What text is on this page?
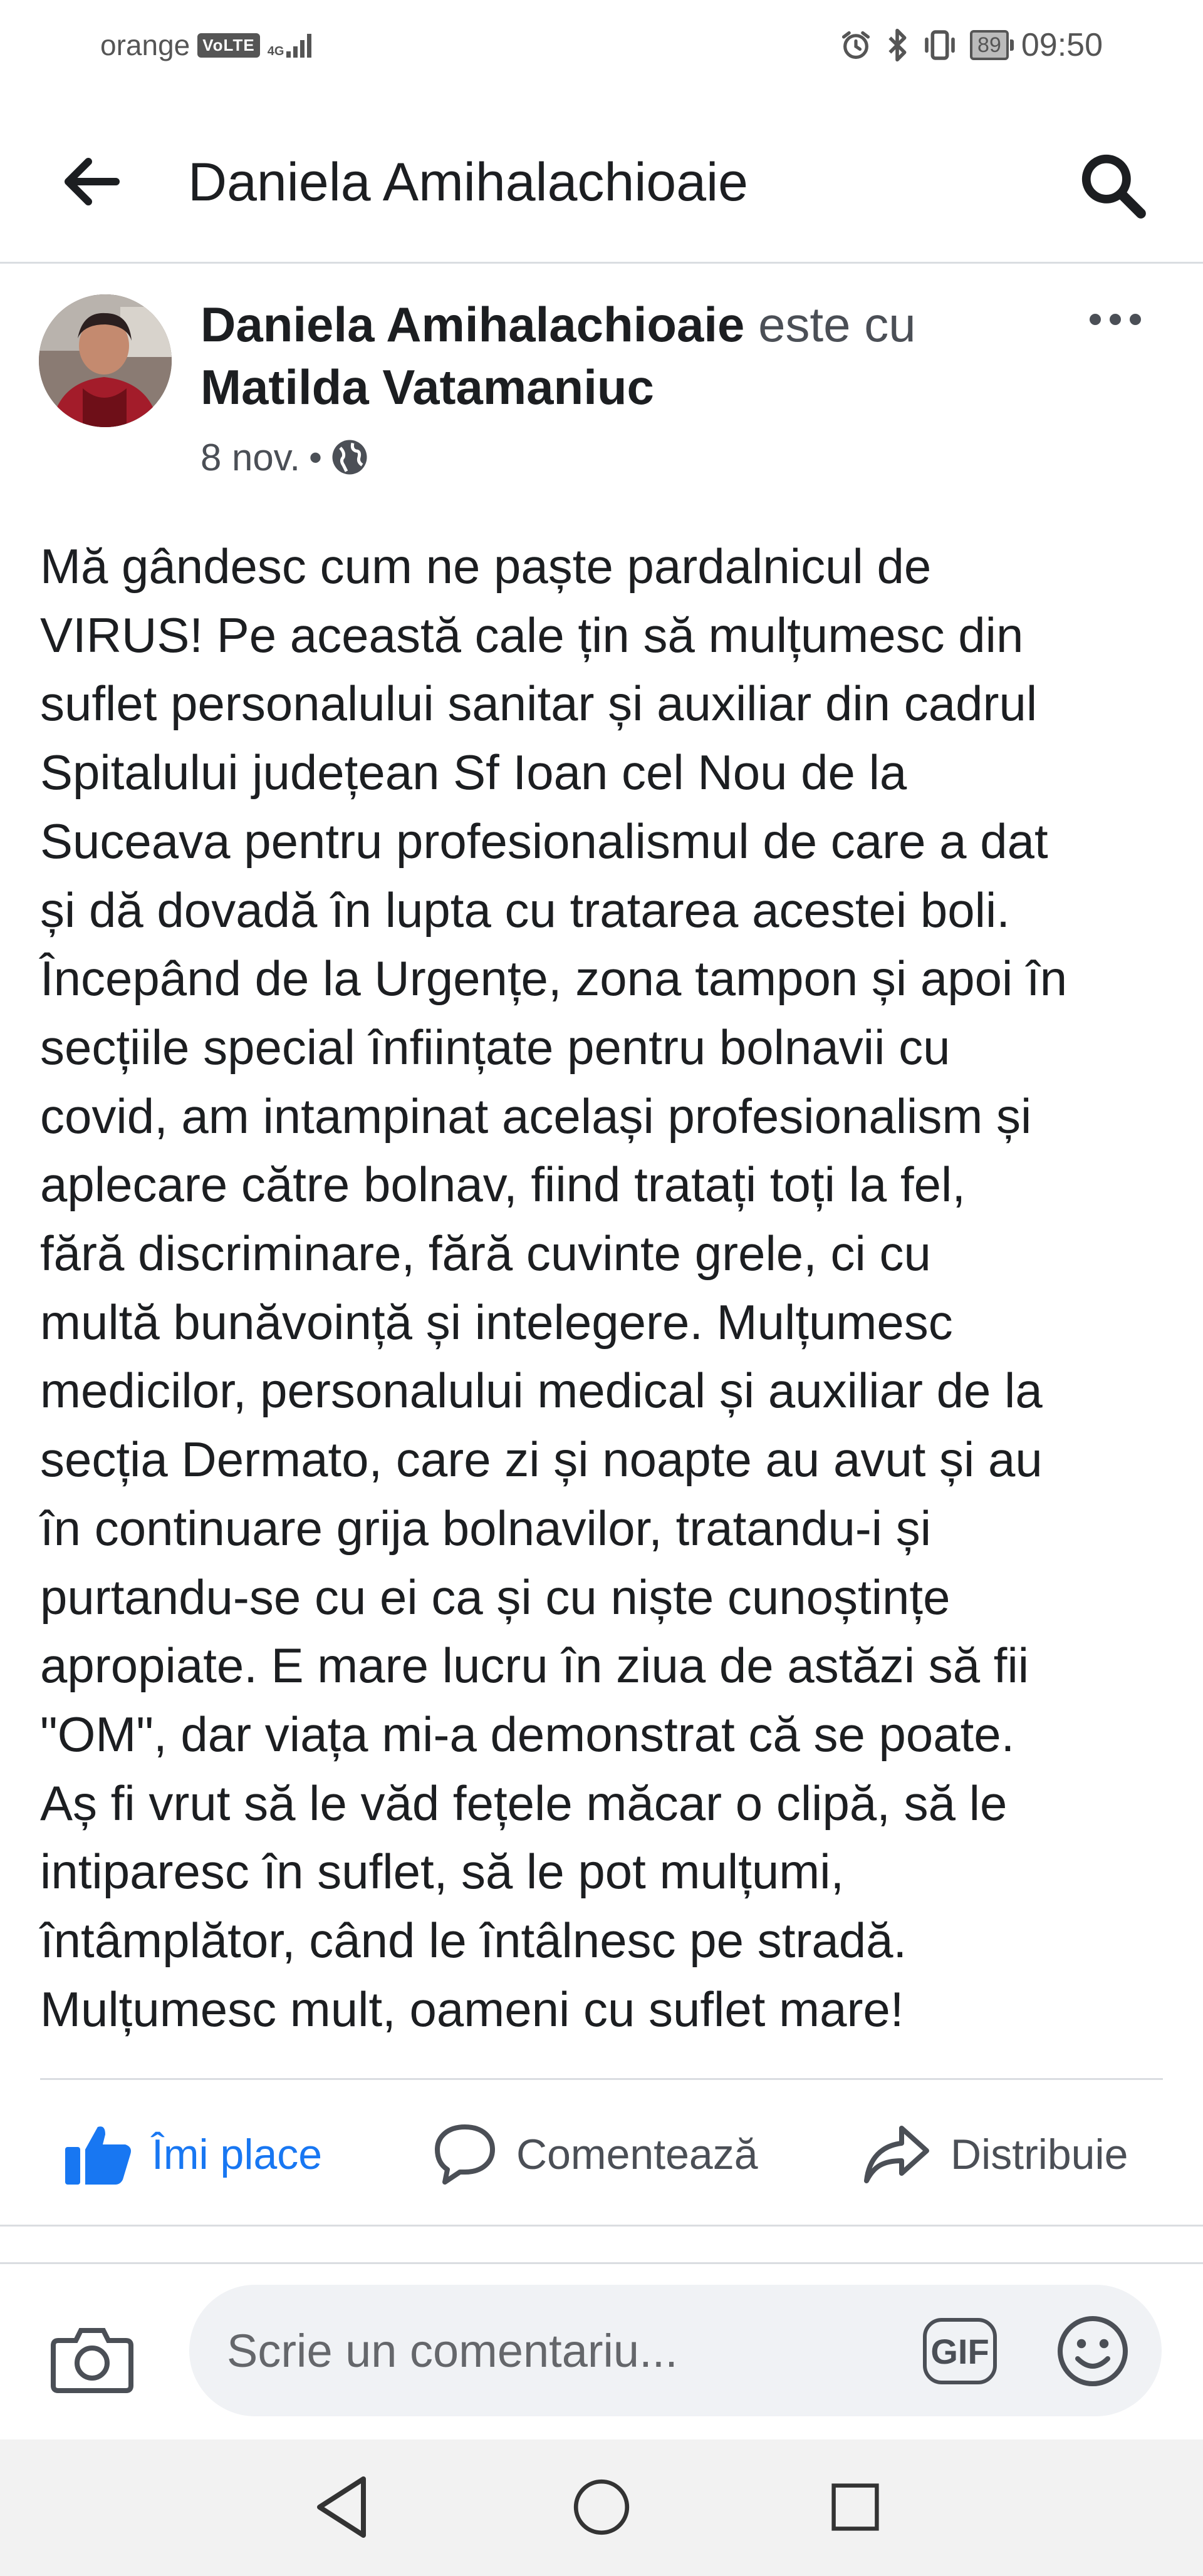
orange VoLTE	4G	89 09:50
Daniela Amihalachioaie
Daniela Amihalachioaie este cu
Matilda Vatamaniuc
8 nov. •

Mă gândesc cum ne paște pardalnicul de

VIRUS! Pe această cale țin să mulțumesc din

suflet personalului sanitar și auxiliar din cadrul

Spitalului județean Sf Ioan cel Nou de la

Suceava pentru profesionalismul de care a dat

și dă dovadă în lupta cu tratarea acestei boli.

Începând de la Urgențe, zona tampon și apoi în

secțiile special înființate pentru bolnavii cu

covid, am intampinat același profesionalism și

aplecare către bolnav, fiind tratați toți la fel,

fără discriminare, fără cuvinte grele, ci cu

multă bunăvoință și intelegere. Mulțumesc

medicilor, personalului medical și auxiliar de la

secția Dermato, care zi și noapte au avut și au

în continuare grija bolnavilor, tratandu-i și

purtandu-se cu ei ca și cu niște cunoștințe

apropiate. E mare lucru în ziua de astăzi să fii

"OM", dar viața mi-a demonstrat că se poate.

Aș fi vrut să le văd fețele măcar o clipă, să le

intiparesc în suflet, să le pot mulțumi,

întâmplător, când le întâlnesc pe stradă.

Mulțumesc mult, oameni cu suflet mare!

Îmi place	Comentează	Distribuie
Scrie un comentariu...
GIF
